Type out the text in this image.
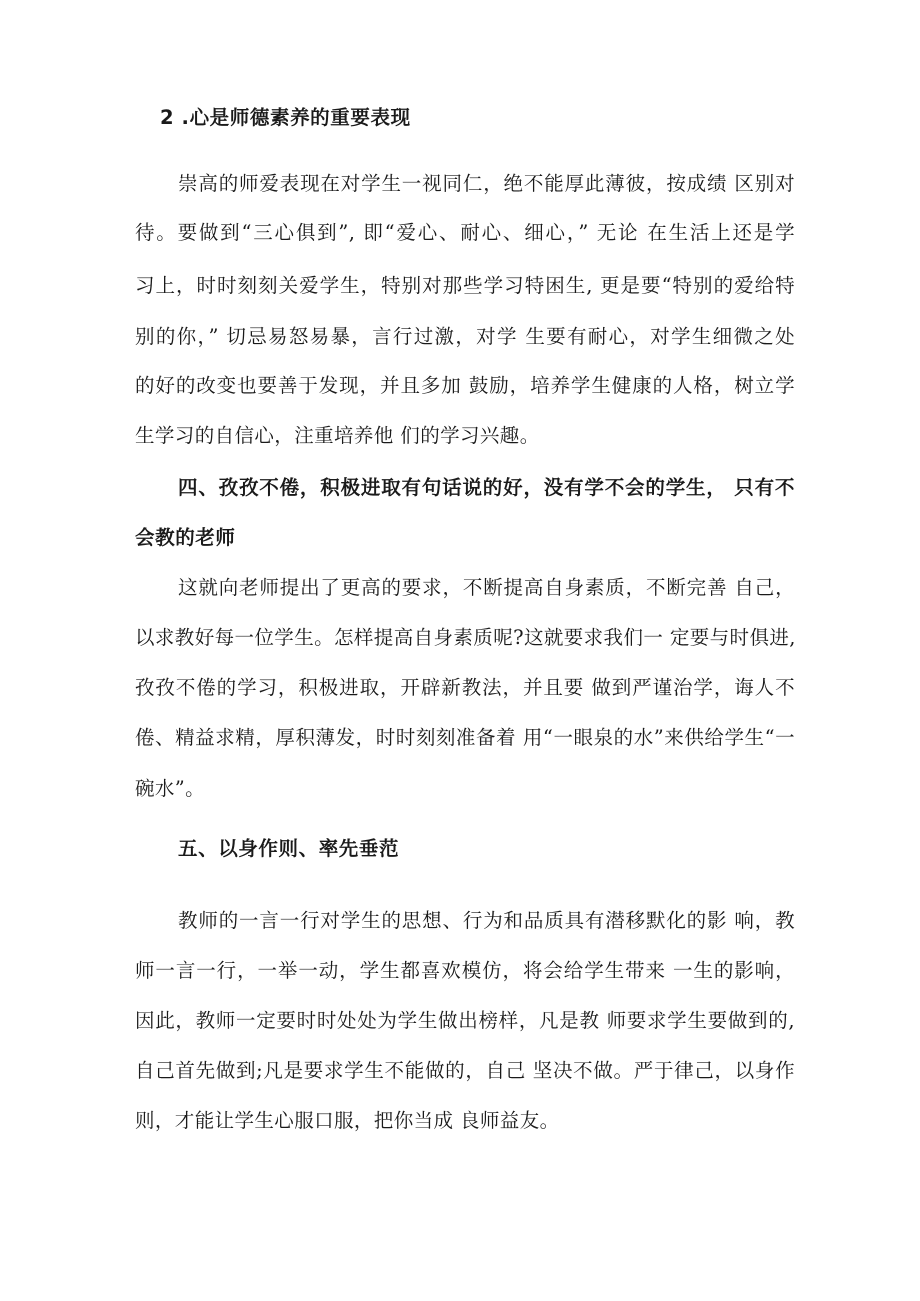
2 .心是师德素养的重要表现
崇高的师爱表现在对学生一视同仁，绝不能厚此薄彼，按成绩 区别对
待。要做到“三心俱到”, 即“爱心、耐心、细心，” 无论 在生活上还是学
习上，时时刻刻关爱学生，特别对那些学习特困生, 更是要“特别的爱给特
别的你，” 切忌易怒易暴，言行过激，对学 生要有耐心，对学生细微之处
的好的改变也要善于发现，并且多加 鼓励，培养学生健康的人格，树立学
生学习的自信心，注重培养他 们的学习兴趣。
四、孜孜不倦，积极进取有句话说的好，没有学不会的学生， 只有不
会教的老师
这就向老师提出了更高的要求，不断提高自身素质，不断完善 自己，
以求教好每一位学生。怎样提高自身素质呢?这就要求我们一 定要与时俱进,
孜孜不倦的学习，积极进取，开辟新教法，并且要 做到严谨治学，诲人不
倦、精益求精，厚积薄发，时时刻刻准备着 用“一眼泉的水”来供给学生“一
碗水”。
五、以身作则、率先垂范
教师的一言一行对学生的思想、行为和品质具有潜移默化的影 响，教
师一言一行，一举一动，学生都喜欢模仿，将会给学生带来 一生的影响，
因此，教师一定要时时处处为学生做出榜样，凡是教 师要求学生要做到的,
自己首先做到;凡是要求学生不能做的，自己 坚决不做。严于律己，以身作
则，才能让学生心服口服，把你当成 良师益友。
